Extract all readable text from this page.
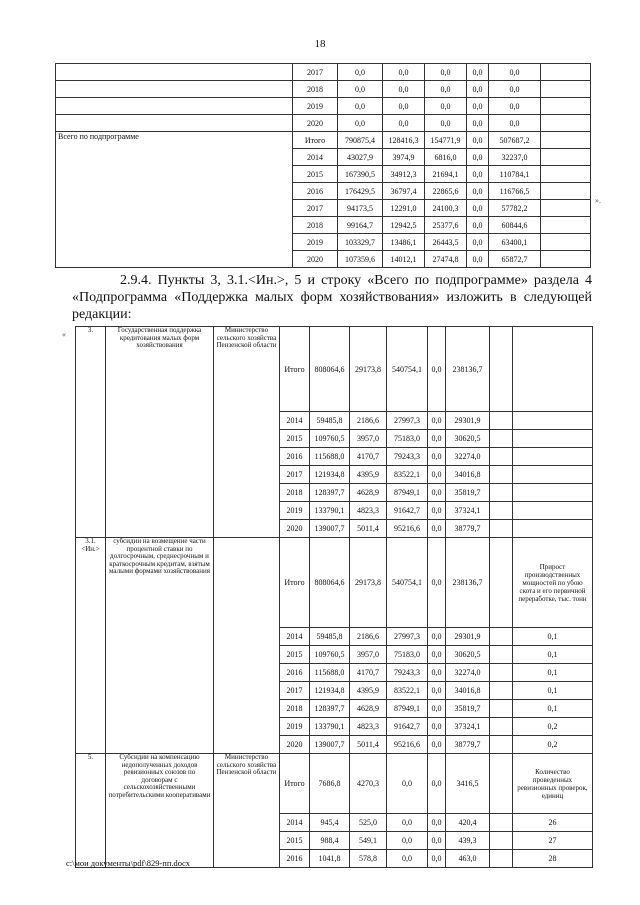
18
	2017	0,0	0,0	0,0	0,0	0,0	
	2018	0,0	0,0	0,0	0,0	0,0	
	2019	0,0	0,0	0,0	0,0	0,0	
	2020	0,0	0,0	0,0	0,0	0,0	
Всего по подпрограмме	Итого	790875,4	128416,3	154771,9	0,0	507687,2	
	2014	43027,9	3974,9	6816,0	0,0	32237,0	
	2015	167390,5	34912,3	21694,1	0,0	110784,1	
	2016	176429,5	36797,4	22865,6	0,0	116766,5	
	2017	94173,5	12291,0	24100,3	0,0	57782,2	
	2018	99164,7	12942,5	25377,6	0,0	60844,6	
	2019	103329,7	13486,1	26443,5	0,0	63400,1	
	2020	107359,6	14012,1	27474,8	0,0	65872,7	
».
2.9.4. Пункты 3, 3.1.<Ин.>, 5 и строку «Всего по подпрограмме» раздела 4 «Подпрограмма «Поддержка малых форм хозяйствования» изложить в следующей редакции:
«	3.	Государственная поддержка кредитования малых форм хозяйствования	Министерство сельского хозяйства Пензенской области	Итого	808064,6	29173,8	540754,1	0,0	238136,7		
			2014	59485,8	2186,6	27997,3	0,0	29301,9		
			2015	109760,5	3957,0	75183,0	0,0	30620,5		
			2016	115688,0	4170,7	79243,3	0,0	32274,0		
			2017	121934,8	4395,9	83522,1	0,0	34016,8		
			2018	128397,7	4628,9	87949,1	0,0	35819,7		
			2019	133790,1	4823,3	91642,7	0,0	37324,1		
			2020	139007,7	5011,4	95216,6	0,0	38779,7		
3.1. <Ин.>	субсидии на возмещение части процентной ставки по долгосрочным, среднесрочным и краткосрочным кредитам, взятым малыми формами хозяйствования		Итого	808064,6	29173,8	540754,1	0,0	238136,7		Прирост производственных мощностей по убою скота и его первичной переработке, тыс. тонн
			2014	59485,8	2186,6	27997,3	0,0	29301,9		0,1
			2015	109760,5	3957,0	75183,0	0,0	30620,5		0,1
			2016	115688,0	4170,7	79243,3	0,0	32274,0		0,1
			2017	121934,8	4395,9	83522,1	0,0	34016,8		0,1
			2018	128397,7	4628,9	87949,1	0,0	35819,7		0,1
			2019	133790,1	4823,3	91642,7	0,0	37324,1		0,2
			2020	139007,7	5011,4	95216,6	0,0	38779,7		0,2
5.	Субсидии на компенсацию недополученных доходов ревизионных союзов по договорам с сельскохозяйственными потребительскими кооперативами	Министерство сельского хозяйства Пензенской области	Итого	7686,8	4270,3	0,0	0,0	3416,5		Количество проведенных ревизионных проверок, единиц
			2014	945,4	525,0	0,0	0,0	420,4		26
			2015	988,4	549,1	0,0	0,0	439,3		27
			2016	1041,8	578,8	0,0	0,0	463,0		28
c:\мои документы\pdf\829-пп.docx
